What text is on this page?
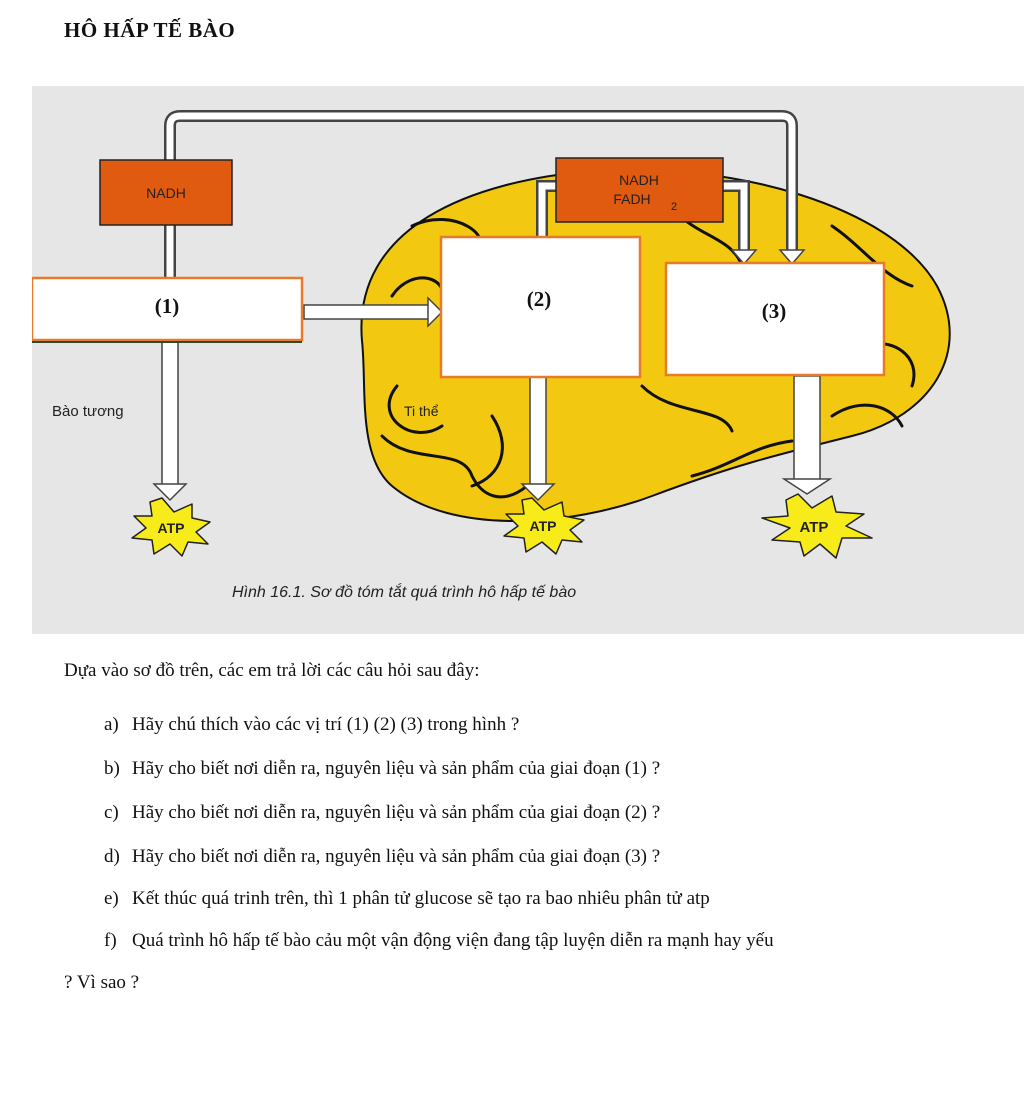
HÔ HẤP TẾ BÀO
NADH
NADH
FADH 2
(1)	(2)	(3)
Bào tương	Ti thể
ATP	ATP	ATP
Hình 16.1. Sơ đồ tóm tắt quá trình hô hấp tế bào
Dựa vào sơ đồ trên, các em trả lời các câu hỏi sau đây:
a) Hãy chú thích vào các vị trí (1) (2) (3) trong hình ?
b) Hãy cho biết nơi diễn ra, nguyên liệu và sản phẩm của giai đoạn (1) ?
c) Hãy cho biết nơi diễn ra, nguyên liệu và sản phẩm của giai đoạn (2) ?
d) Hãy cho biết nơi diễn ra, nguyên liệu và sản phẩm của giai đoạn (3) ?
e) Kết thúc quá trinh trên, thì 1 phân tử glucose sẽ tạo ra bao nhiêu phân tử atp
f) Quá trình hô hấp tế bào cảu một vận động viện đang tập luyện diễn ra mạnh hay yếu
? Vì sao ?
